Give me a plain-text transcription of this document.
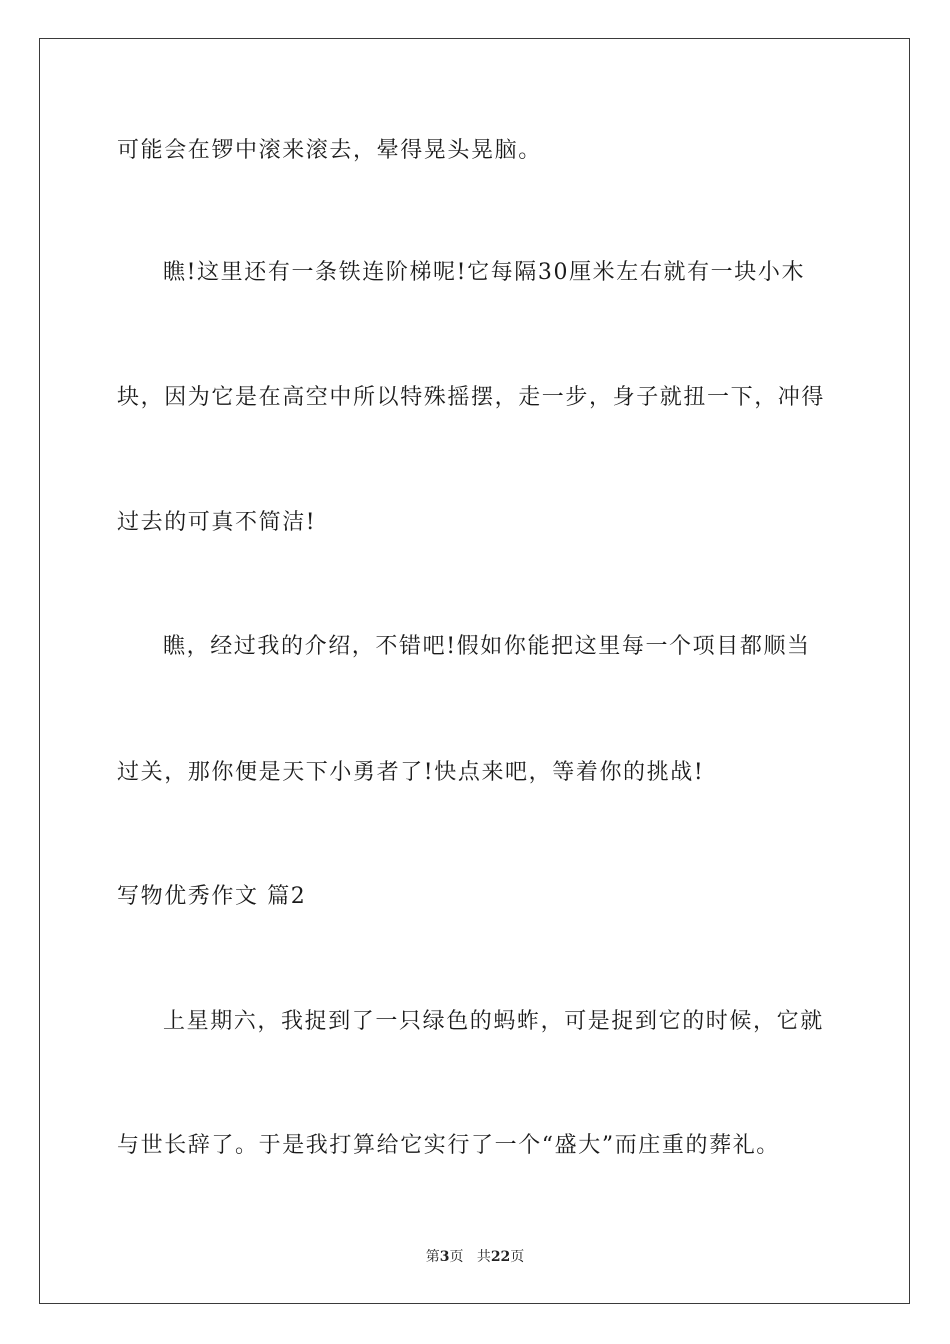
可能会在锣中滚来滚去，晕得晃头晃脑。
瞧!这里还有一条铁连阶梯呢!它每隔30厘米左右就有一块小木
块，因为它是在高空中所以特殊摇摆，走一步，身子就扭一下，冲得
过去的可真不简洁!
瞧，经过我的介绍，不错吧!假如你能把这里每一个项目都顺当
过关，那你便是天下小勇者了!快点来吧，等着你的挑战!
写物优秀作文 篇2
上星期六，我捉到了一只绿色的蚂蚱，可是捉到它的时候，它就
与世长辞了。于是我打算给它实行了一个“盛大”而庄重的葬礼。
第3页 共22页
